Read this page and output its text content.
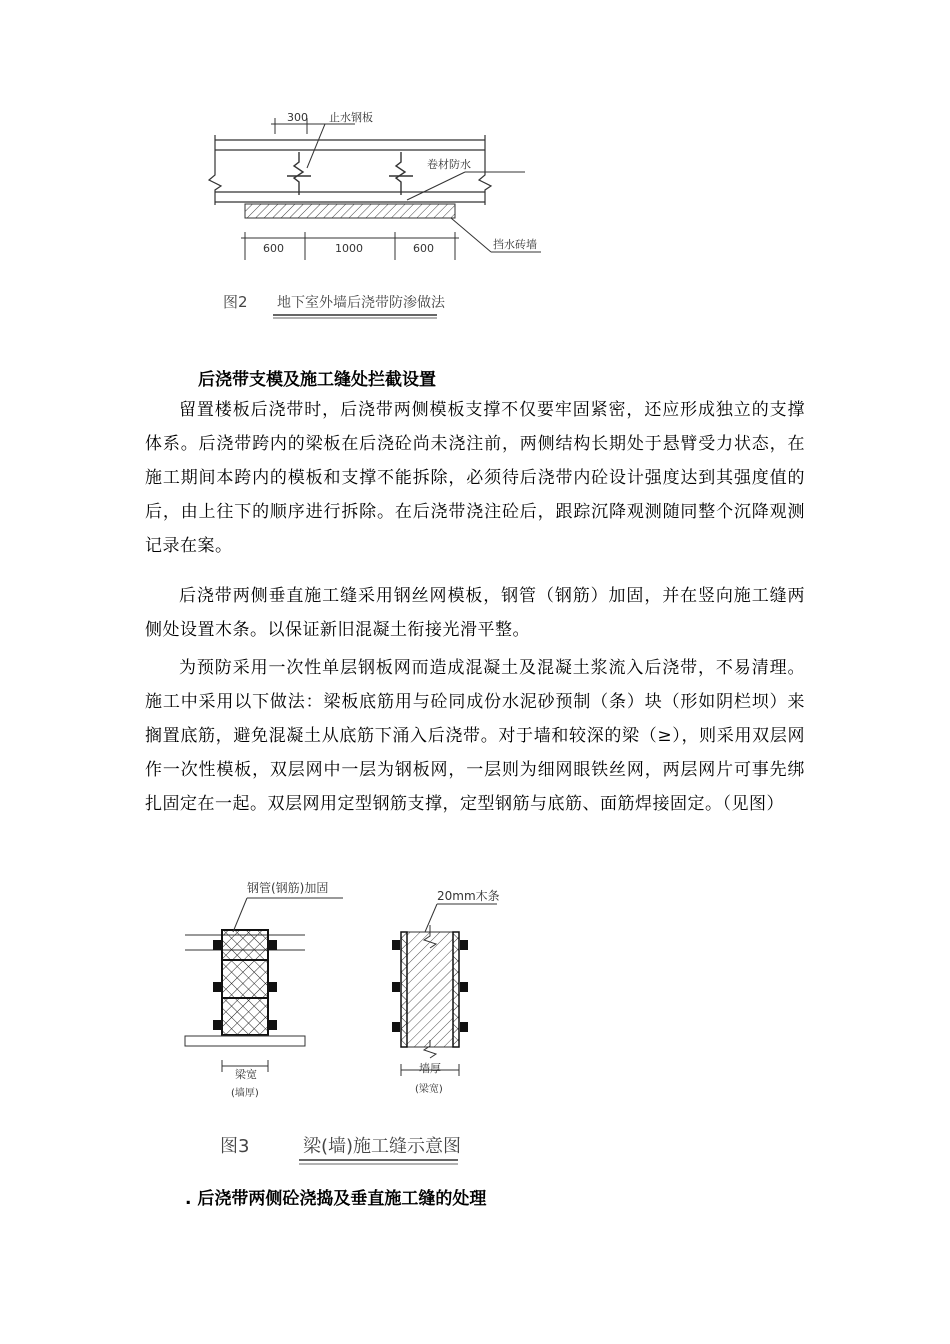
300 止水钢板
卷材防水
挡水砖墙
600	1000	600
图2 地下室外墙后浇带防渗做法

后浇带支模及施工缝处拦截设置

留置楼板后浇带时，后浇带两侧模板支撑不仅要牢固紧密，还应形成独立的支撑体系。后浇带跨内的梁板在后浇砼尚未浇注前，两侧结构长期处于悬臂受力状态，在施工期间本跨内的模板和支撑不能拆除，必须待后浇带内砼设计强度达到其强度值的后，由上往下的顺序进行拆除。在后浇带浇注砼后，跟踪沉降观测随同整个沉降观测记录在案。

后浇带两侧垂直施工缝采用钢丝网模板，钢管（钢筋）加固，并在竖向施工缝两侧处设置木条。以保证新旧混凝土衔接光滑平整。

为预防采用一次性单层钢板网而造成混凝土及混凝土浆流入后浇带，不易清理。施工中采用以下做法：梁板底筋用与砼同成份水泥砂预制（条）块（形如阴栏坝）来搁置底筋，避免混凝土从底筋下涌入后浇带。对于墙和较深的梁（≥），则采用双层网作一次性模板，双层网中一层为钢板网，一层则为细网眼铁丝网，两层网片可事先绑扎固定在一起。双层网用定型钢筋支撑，定型钢筋与底筋、面筋焊接固定。（见图）

钢管(钢筋)加固
梁宽
(墙厚)
20mm木条
墙厚
(梁宽)
图3	梁(墙)施工缝示意图

. 后浇带两侧砼浇捣及垂直施工缝的处理
